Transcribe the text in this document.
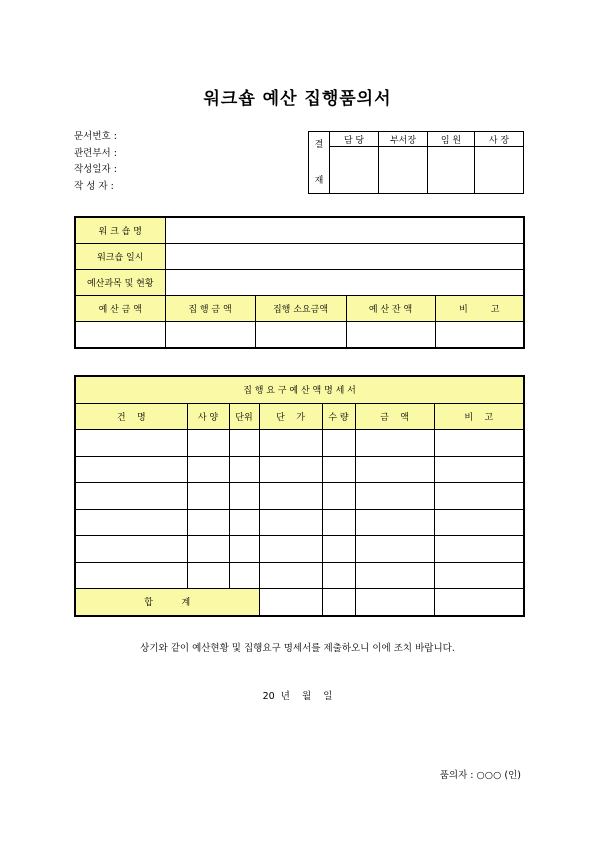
워크숍 예산 집행품의서
문서번호 :
관련부서 :
작성일자 :
작 성 자 :
결
재	담 당	부서장	임 원	사 장

워 크 숍 명				
워크숍 일시				
예산과목 및 현황				
예 산 금 액	집 행 금 액	집행 소요금액	예 산 잔 액	비        고

집 행 요 구 예 산 액 명 세 서						
건    명	사 양	단위	단    가	수 량	금    액	비    고

합          계						
상기와 같이 예산현황 및 집행요구 명세서를 제출하오니 이에 조치 바랍니다.
20  년    월    일
품의자 : ○○○ (인)
